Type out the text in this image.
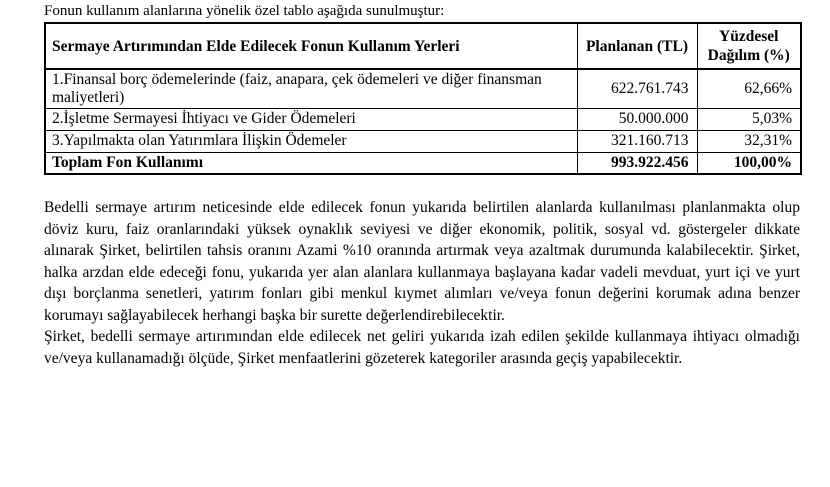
Fonun kullanım alanlarına yönelik özel tablo aşağıda sunulmuştur:
Sermaye Artırımından Elde Edilecek Fonun Kullanım Yerleri	Planlanan (TL)	Yüzdesel Dağılım (%)
1.Finansal borç ödemelerinde (faiz, anapara, çek ödemeleri ve diğer finansman maliyetleri)	622.761.743	62,66%
2.İşletme Sermayesi İhtiyacı ve Gider Ödemeleri	50.000.000	5,03%
3.Yapılmakta olan Yatırımlara İlişkin Ödemeler	321.160.713	32,31%
Toplam Fon Kullanımı	993.922.456	100,00%

Bedelli sermaye artırım neticesinde elde edilecek fonun yukarıda belirtilen alanlarda kullanılması planlanmakta olup döviz kuru, faiz oranlarındaki yüksek oynaklık seviyesi ve diğer ekonomik, politik, sosyal vd. göstergeler dikkate alınarak Şirket, belirtilen tahsis oranını Azami %10 oranında artırmak veya azaltmak durumunda kalabilecektir. Şirket, halka arzdan elde edeceği fonu, yukarıda yer alan alanlara kullanmaya başlayana kadar vadeli mevduat, yurt içi ve yurt dışı borçlanma senetleri, yatırım fonları gibi menkul kıymet alımları ve/veya fonun değerini korumak adına benzer korumayı sağlayabilecek herhangi başka bir surette değerlendirebilecektir.

Şirket, bedelli sermaye artırımından elde edilecek net geliri yukarıda izah edilen şekilde kullanmaya ihtiyacı olmadığı ve/veya kullanamadığı ölçüde, Şirket menfaatlerini gözeterek kategoriler arasında geçiş yapabilecektir.
